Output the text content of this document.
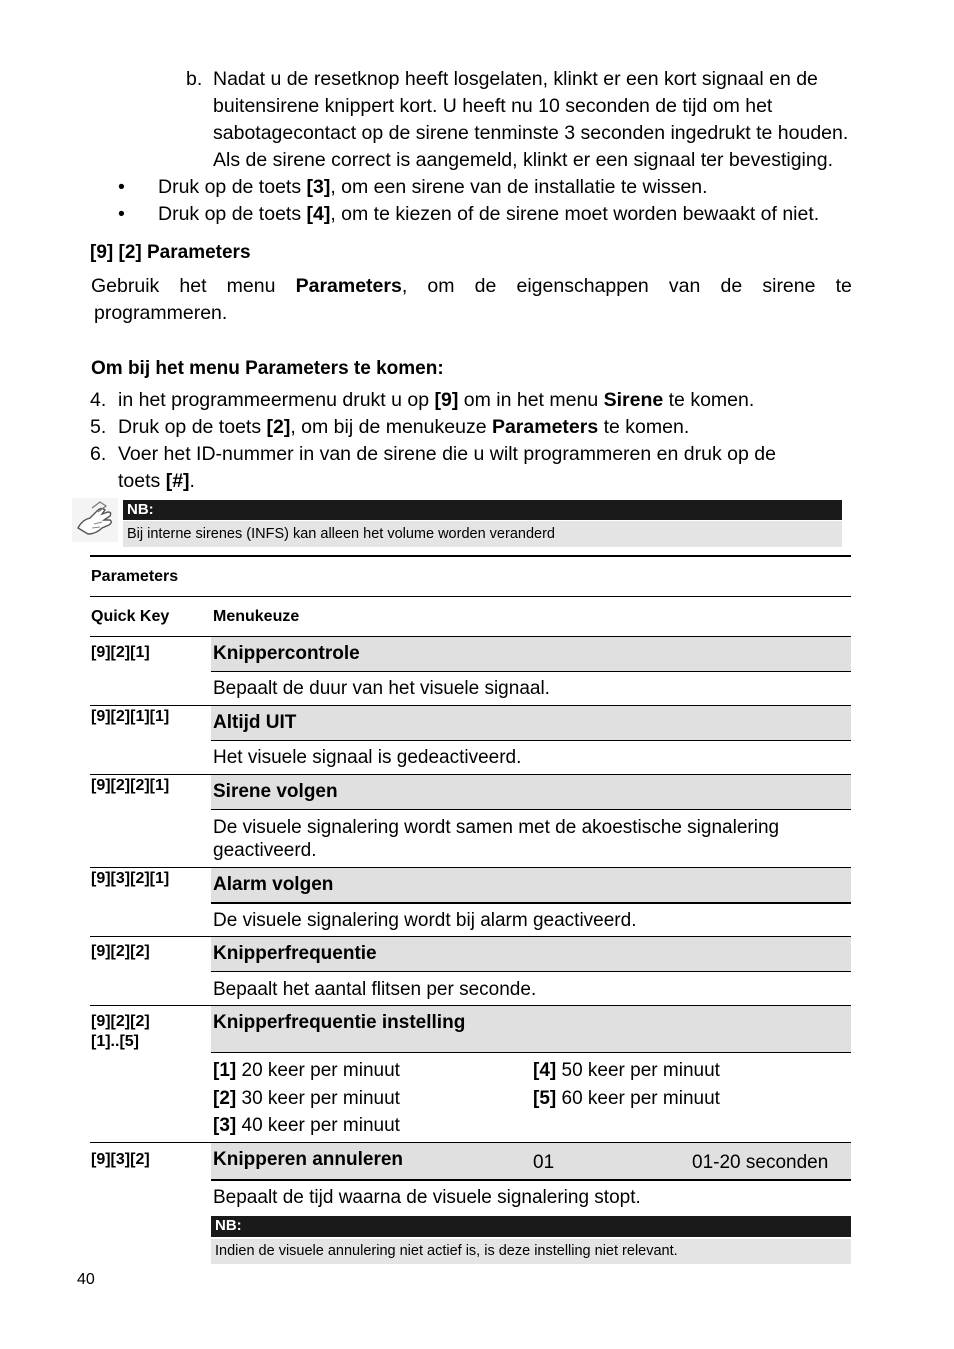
b. Nadat u de resetknop heeft losgelaten, klinkt er een kort signaal en de
buitensirene knippert kort. U heeft nu 10 seconden de tijd om het
sabotagecontact op de sirene tenminste 3 seconden ingedrukt te houden.
Als de sirene correct is aangemeld, klinkt er een signaal ter bevestiging.
• Druk op de toets [3], om een sirene van de installatie te wissen.
• Druk op de toets [4], om te kiezen of de sirene moet worden bewaakt of niet.
[9] [2] Parameters
Gebruik het menu Parameters, om de eigenschappen van de sirene te
programmeren.
Om bij het menu Parameters te komen:
4. in het programmeermenu drukt u op [9] om in het menu Sirene te komen.
5. Druk op de toets [2], om bij de menukeuze Parameters te komen.
6. Voer het ID-nummer in van de sirene die u wilt programmeren en druk op de
toets [#].
NB:
Bij interne sirenes (INFS) kan alleen het volume worden veranderd
Parameters
Quick Key	Menukeuze
[9][2][1]	Knippercontrole
Bepaalt de duur van het visuele signaal.
[9][2][1][1] Altijd UIT
Het visuele signaal is gedeactiveerd.
[9][2][2][1] Sirene volgen
De visuele signalering wordt samen met de akoestische signalering
geactiveerd.
[9][3][2][1] Alarm volgen
De visuele signalering wordt bij alarm geactiveerd.
[9][2][2]	Knipperfrequentie
Bepaalt het aantal flitsen per seconde.
[9][2][2]
[1]..[5]
Knipperfrequentie instelling
[1] 20 keer per minuut
[2] 30 keer per minuut
[3] 40 keer per minuut
[4] 50 keer per minuut
[5] 60 keer per minuut
[9][3][2]	Knipperen annuleren	01	01-20 seconden
Bepaalt de tijd waarna de visuele signalering stopt.
NB:
Indien de visuele annulering niet actief is, is deze instelling niet relevant.
40
